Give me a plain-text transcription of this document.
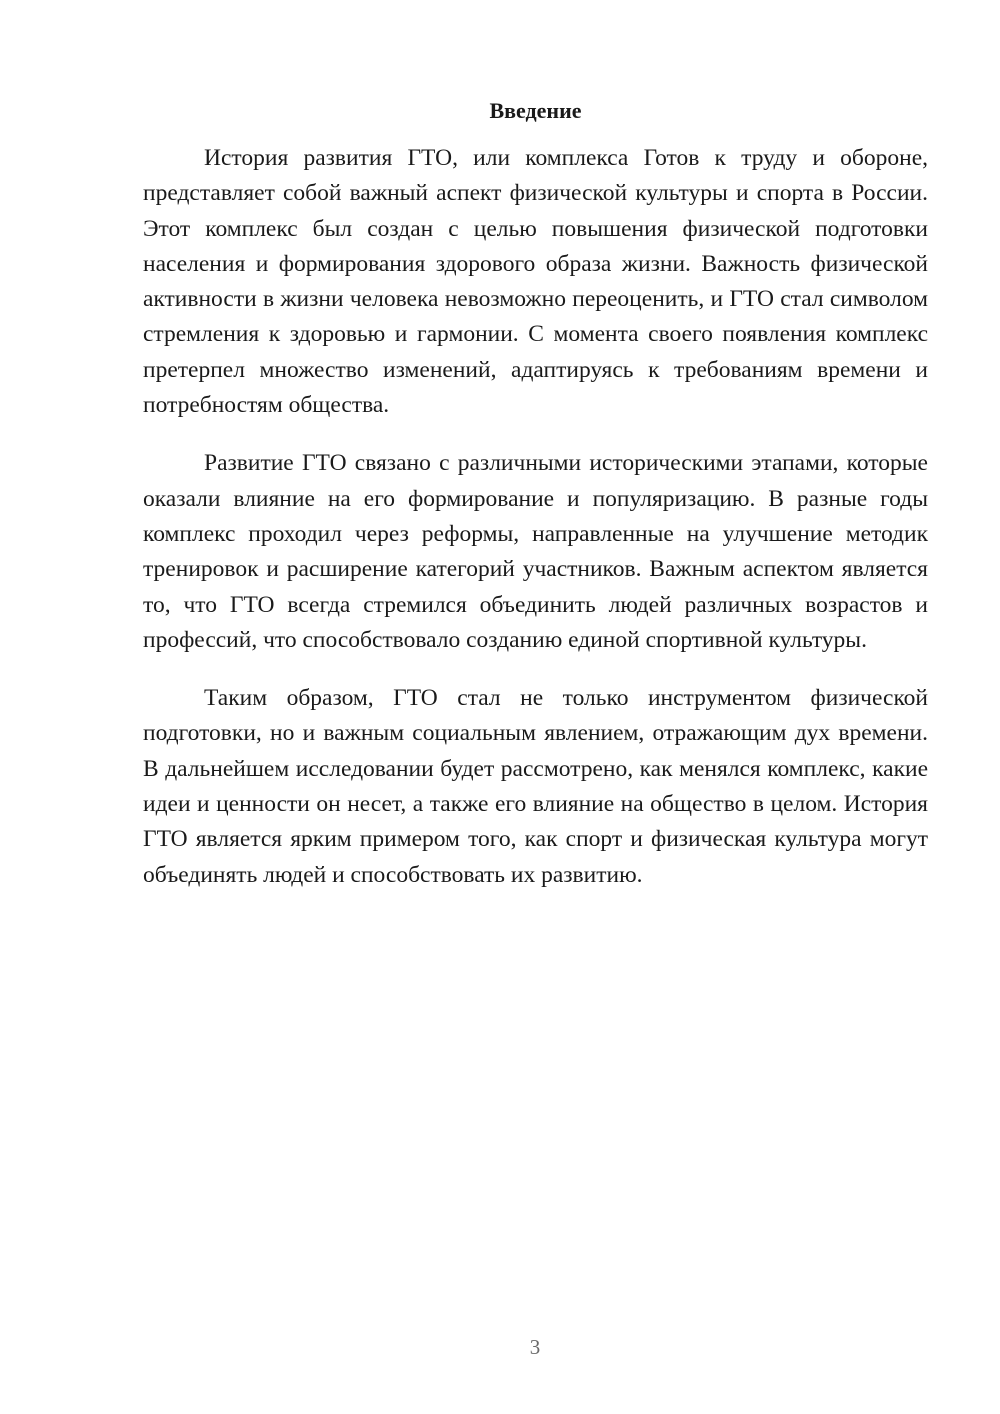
Введение

История развития ГТО, или комплекса Готов к труду и обороне, представляет собой важный аспект физической культуры и спорта в России. Этот комплекс был создан с целью повышения физической подготовки населения и формирования здорового образа жизни. Важность физической активности в жизни человека невозможно переоценить, и ГТО стал символом стремления к здоровью и гармонии. С момента своего появления комплекс претерпел множество изменений, адаптируясь к требованиям времени и потребностям общества.

Развитие ГТО связано с различными историческими этапами, которые оказали влияние на его формирование и популяризацию. В разные годы комплекс проходил через реформы, направленные на улучшение методик тренировок и расширение категорий участников. Важным аспектом является то, что ГТО всегда стремился объединить людей различных возрастов и профессий, что способствовало созданию единой спортивной культуры.

Таким образом, ГТО стал не только инструментом физической подготовки, но и важным социальным явлением, отражающим дух времени. В дальнейшем исследовании будет рассмотрено, как менялся комплекс, какие идеи и ценности он несет, а также его влияние на общество в целом. История ГТО является ярким примером того, как спорт и физическая культура могут объединять людей и способствовать их развитию.

3
